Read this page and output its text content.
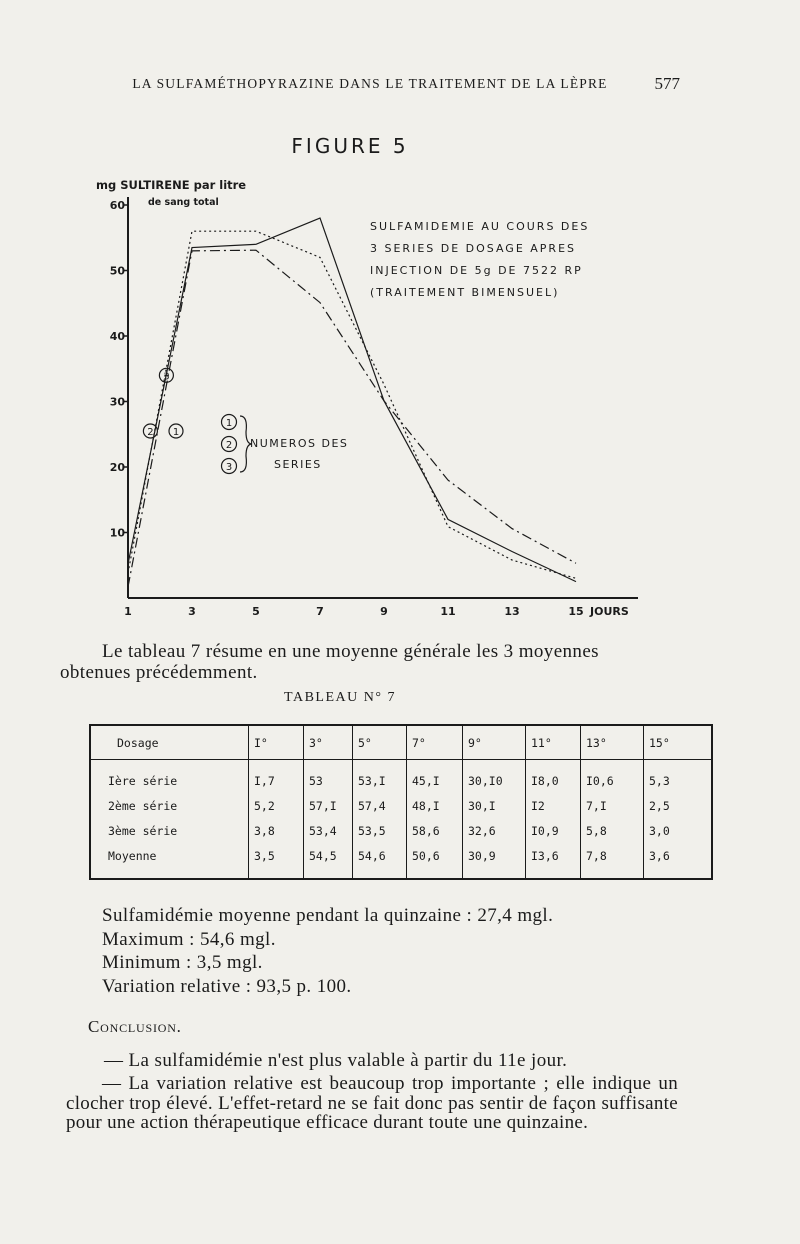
LA SULFAMÉTHOPYRAZINE DANS LE TRAITEMENT DE LA LÈPRE	577
FIGURE 5
mg SULTIRENE par litre
de sang total
10
20
30
40
50
60
1	3	5	7	9	11	13	15 JOURS
1
2
3
SULFAMIDEMIE AU COURS DES
3 SERIES DE DOSAGE APRES
INJECTION DE 5g DE 7522 RP
(TRAITEMENT BIMENSUEL)
1
2
3
NUMEROS DES
SERIES

Le tableau 7 résume en une moyenne générale les 3 moyennes obtenues précédemment.

TABLEAU N° 7
Dosage	I°	3°	5°	7°	9°	11°	13°	15°
Ière série	I,7	53	53,I	45,I	30,I0	I8,0	I0,6	5,3
2ème série	5,2	57,I	57,4	48,I	30,I	I2	7,I	2,5
3ème série	3,8	53,4	53,5	58,6	32,6	I0,9	5,8	3,0
Moyenne	3,5	54,5	54,6	50,6	30,9	I3,6	7,8	3,6
Sulfamidémie moyenne pendant la quinzaine : 27,4 mgl.
Maximum : 54,6 mgl.
Minimum : 3,5 mgl.
Variation relative : 93,5 p. 100.
Conclusion.
— La sulfamidémie n'est plus valable à partir du 11e jour.

— La variation relative est beaucoup trop importante ; elle indique un clocher trop élevé. L'effet-retard ne se fait donc pas sentir de façon suffisante pour une action thérapeutique efficace durant toute une quinzaine.
